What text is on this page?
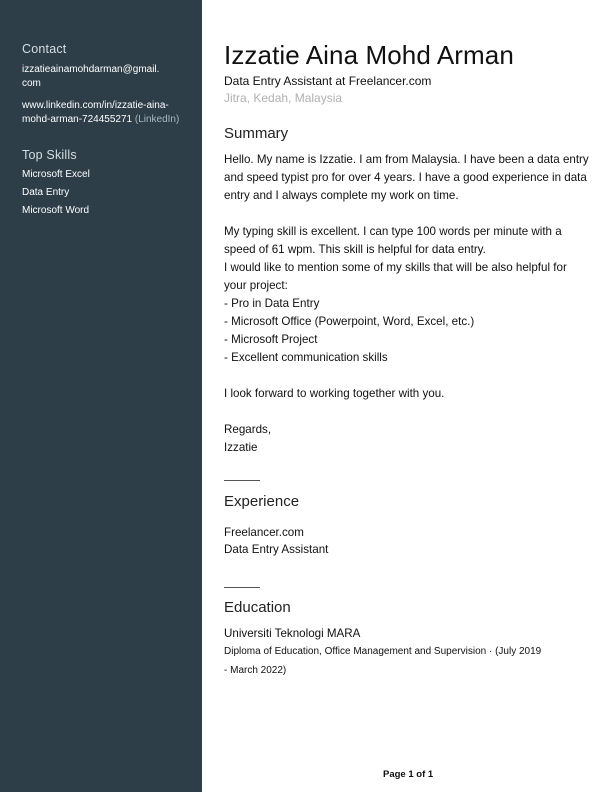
Contact
izzatieainamohdarman@gmail.
com
www.linkedin.com/in/izzatie-aina-
mohd-arman-724455271 (LinkedIn)
Top Skills
Microsoft Excel
Data Entry
Microsoft Word
Izzatie Aina Mohd Arman
Data Entry Assistant at Freelancer.com
Jitra, Kedah, Malaysia
Summary

Hello. My name is Izzatie. I am from Malaysia. I have been a data entry and speed typist pro for over 4 years. I have a good experience in data entry and I always complete my work on time.

My typing skill is excellent. I can type 100 words per minute with a speed of 61 wpm. This skill is helpful for data entry.
I would like to mention some of my skills that will be also helpful for your project:
- Pro in Data Entry
- Microsoft Office (Powerpoint, Word, Excel, etc.)
- Microsoft Project
- Excellent communication skills

I look forward to working together with you.

Regards,
Izzatie
Experience
Freelancer.com
Data Entry Assistant
Education
Universiti Teknologi MARA
Diploma of Education, Office Management and Supervision · (July 2019 - March 2022)
Page 1 of 1
